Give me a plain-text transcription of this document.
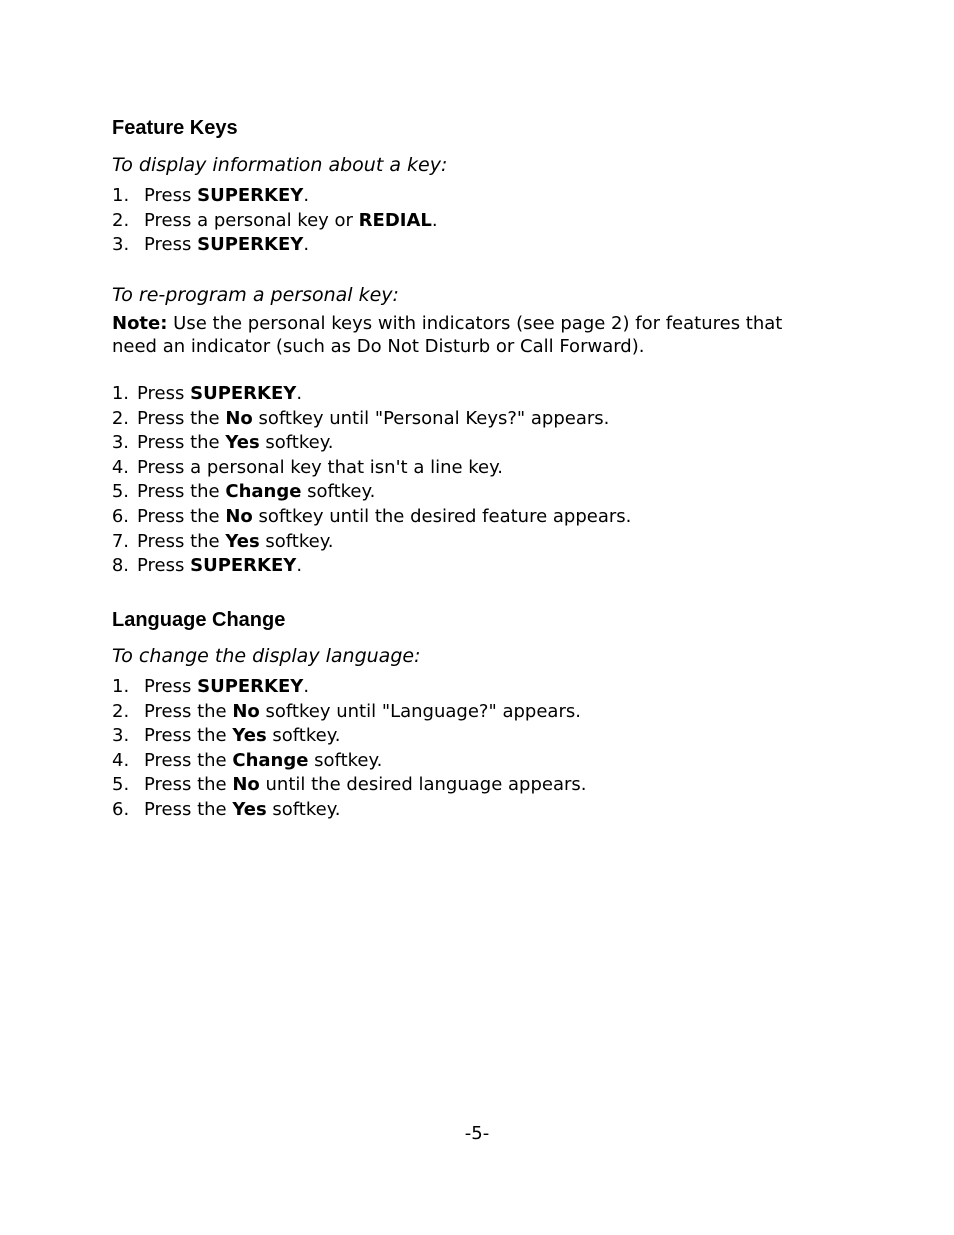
Feature Keys

To display information about a key:

1. Press SUPERKEY.
2. Press a personal key or REDIAL.
3. Press SUPERKEY.

To re-program a personal key:

Note: Use the personal keys with indicators (see page 2) for features that need an indicator (such as Do Not Disturb or Call Forward).

1. Press SUPERKEY.
2. Press the No softkey until "Personal Keys?" appears.
3. Press the Yes softkey.
4. Press a personal key that isn't a line key.
5. Press the Change softkey.
6. Press the No softkey until the desired feature appears.
7. Press the Yes softkey.
8. Press SUPERKEY.
Language Change

To change the display language:

1. Press SUPERKEY.
2. Press the No softkey until "Language?" appears.
3. Press the Yes softkey.
4. Press the Change softkey.
5. Press the No until the desired language appears.
6. Press the Yes softkey.

-5-
